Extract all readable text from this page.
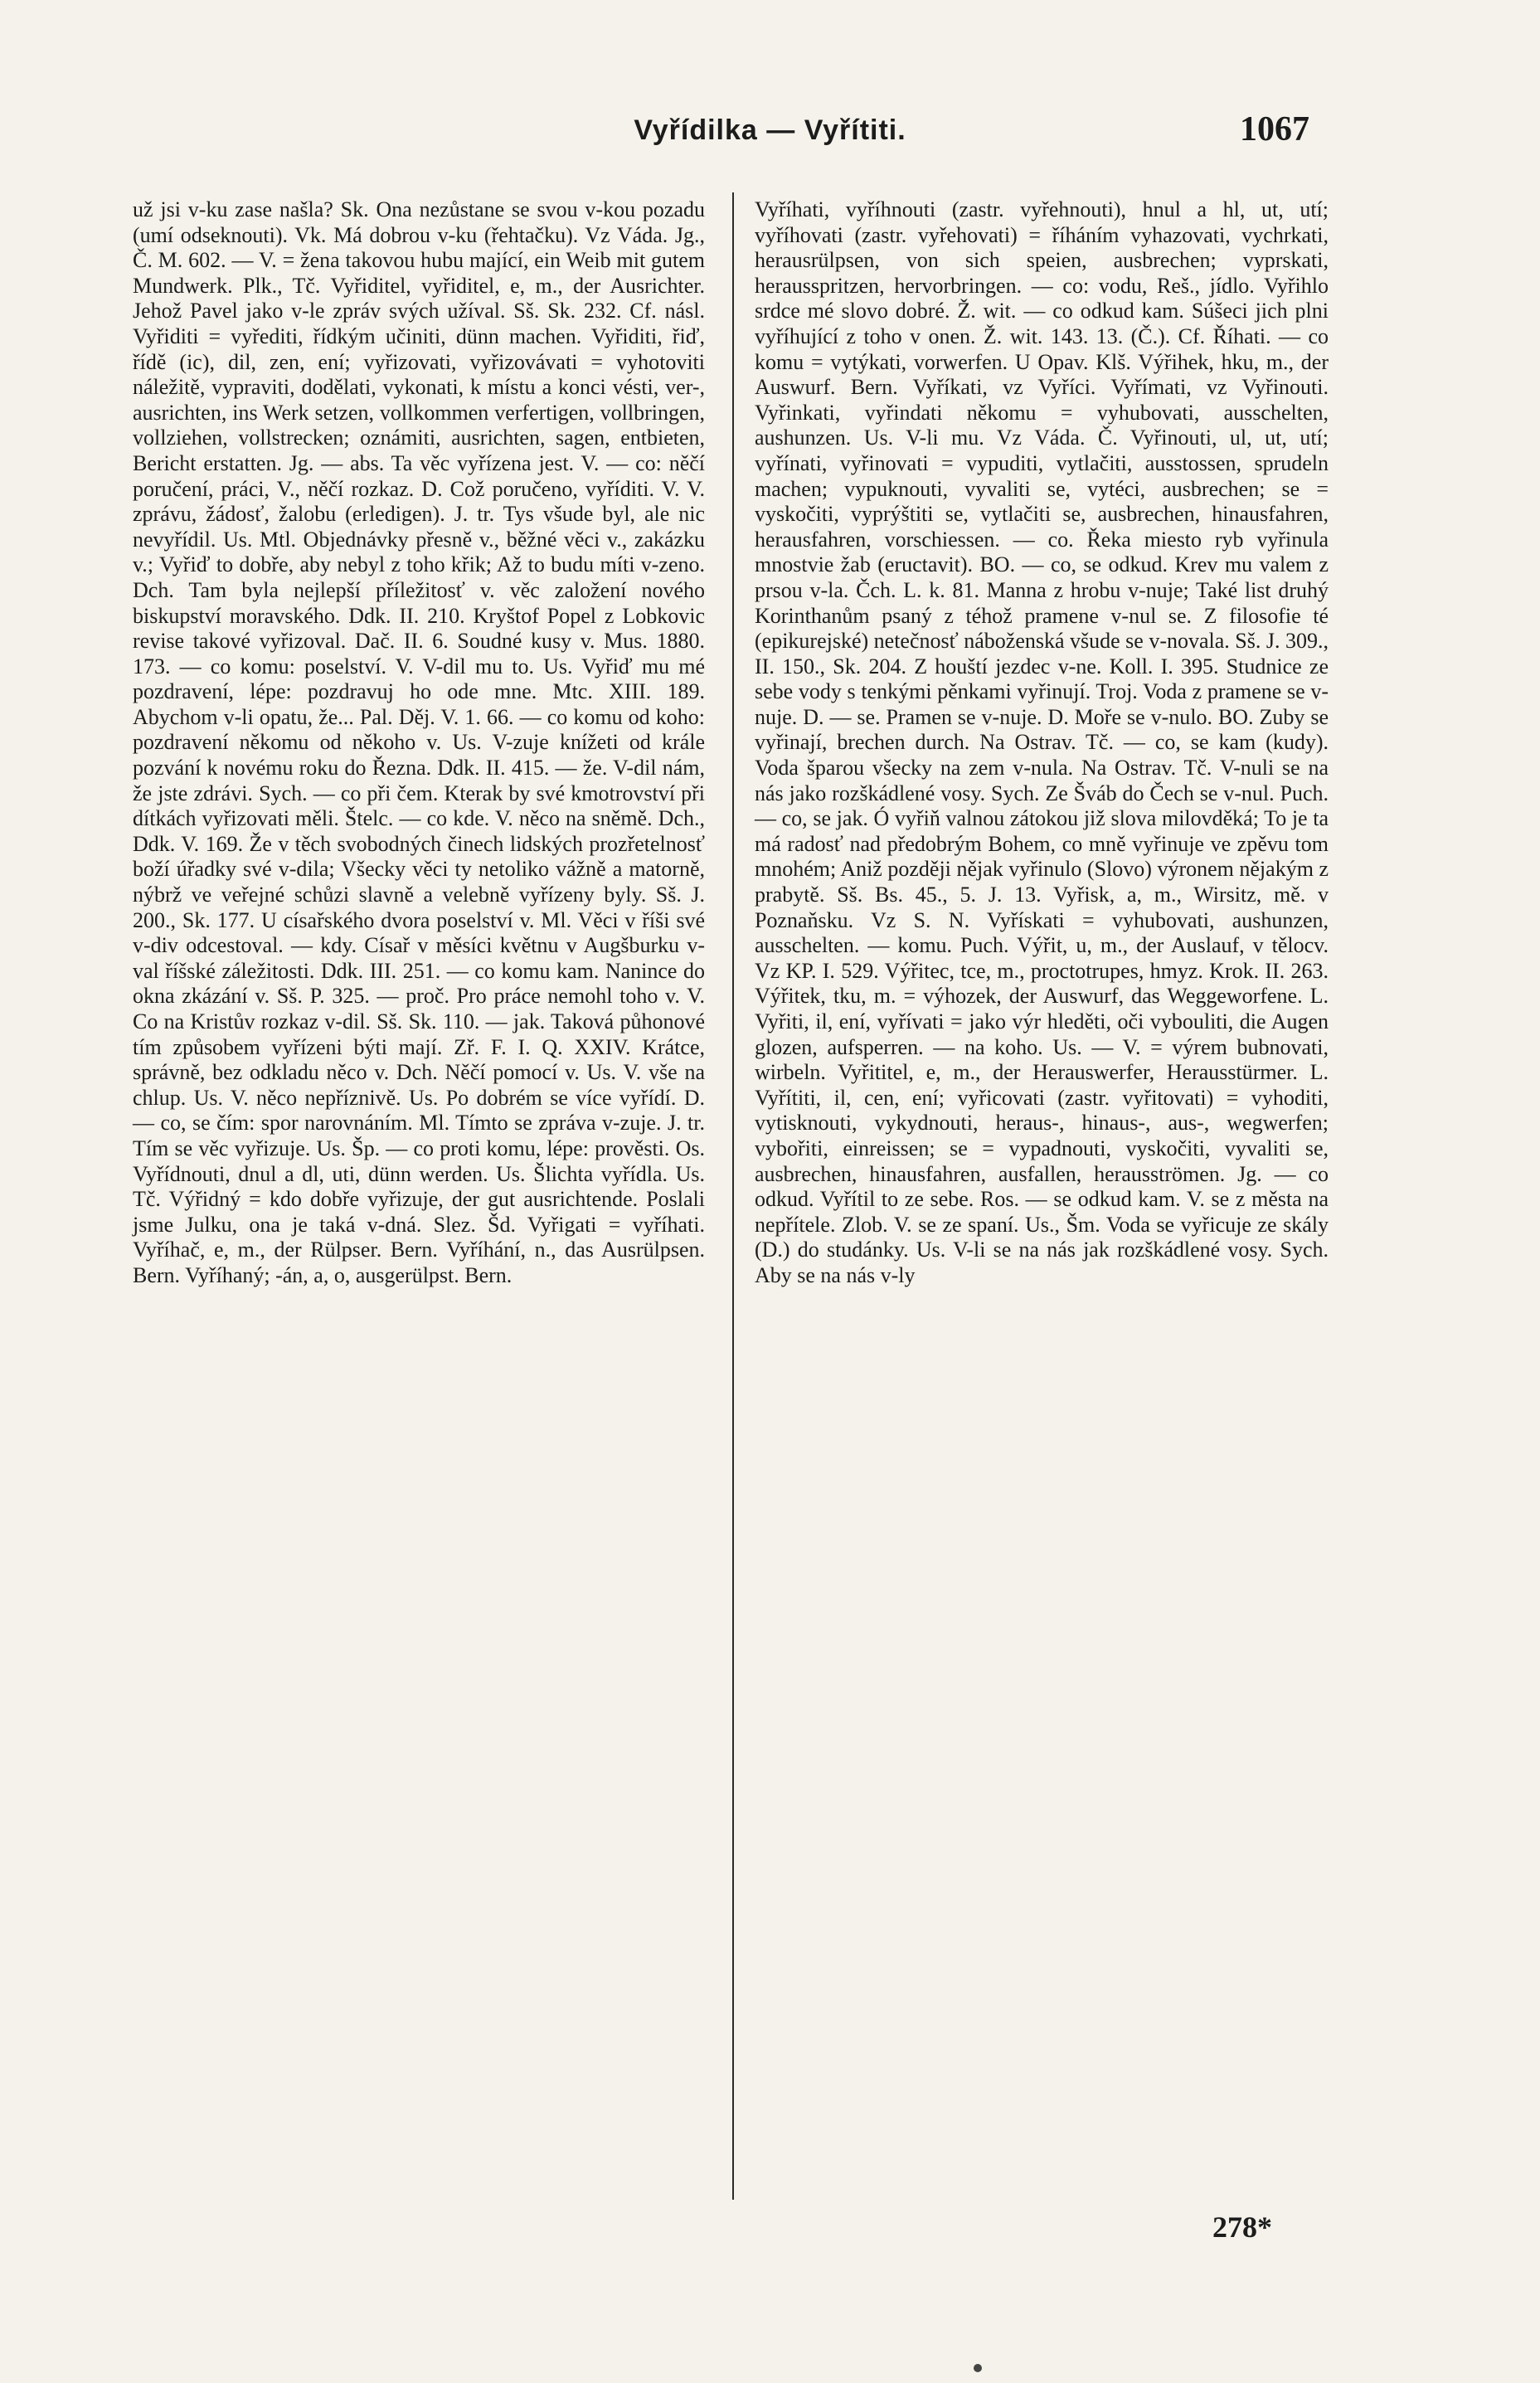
Vyřídilka — Vyřítiti.	1067

už jsi v-ku zase našla? Sk. Ona nezůstane se svou v-kou pozadu (umí odseknouti). Vk. Má dobrou v-ku (řehtačku). Vz Váda. Jg., Č. M. 602. — V. = žena takovou hubu mající, ein Weib mit gutem Mundwerk. Plk., Tč. Vyřiditel, vyřiditel, e, m., der Ausrichter. Jehož Pavel jako v-le zpráv svých užíval. Sš. Sk. 232. Cf. násl. Vyřiditi = vyřediti, řídkým učiniti, dünn machen. Vyřiditi, řiď, řídě (ic), dil, zen, ení; vyřizovati, vyřizovávati = vyhotoviti náležitě, vypraviti, dodělati, vykonati, k místu a konci vésti, ver-, ausrichten, ins Werk setzen, vollkommen verfertigen, vollbringen, vollziehen, vollstrecken; oznámiti, ausrichten, sagen, entbieten, Bericht erstatten. Jg. — abs. Ta věc vyřízena jest. V. — co: něčí poručení, práci, V., něčí rozkaz. D. Což poručeno, vyříditi. V. V. zprávu, žádosť, žalobu (erledigen). J. tr. Tys všude byl, ale nic nevyřídil. Us. Mtl. Objednávky přesně v., běžné věci v., zakázku v.; Vyřiď to dobře, aby nebyl z toho křik; Až to budu míti v-zeno. Dch. Tam byla nejlepší příležitosť v. věc založení nového biskupství moravského. Ddk. II. 210. Kryštof Popel z Lobkovic revise takové vyřizoval. Dač. II. 6. Soudné kusy v. Mus. 1880. 173. — co komu: poselství. V. V-dil mu to. Us. Vyřiď mu mé pozdravení, lépe: pozdravuj ho ode mne. Mtc. XIII. 189. Abychom v-li opatu, že... Pal. Děj. V. 1. 66. — co komu od koho: pozdravení někomu od někoho v. Us. V-zuje knížeti od krále pozvání k novému roku do Řezna. Ddk. II. 415. — že. V-dil nám, že jste zdrávi. Sych. — co při čem. Kterak by své kmotrovství při dítkách vyřizovati měli. Štelc. — co kde. V. něco na sněmě. Dch., Ddk. V. 169. Že v těch svobodných činech lidských prozřetelnosť boží úřadky své v-dila; Všecky věci ty netoliko vážně a matorně, nýbrž ve veřejné schůzi slavně a velebně vyřízeny byly. Sš. J. 200., Sk. 177. U císařského dvora poselství v. Ml. Věci v říši své v-div odcestoval. — kdy. Císař v měsíci květnu v Augšburku v-val říšské záležitosti. Ddk. III. 251. — co komu kam. Nanince do okna zkázání v. Sš. P. 325. — proč. Pro práce nemohl toho v. V. Co na Kristův rozkaz v-dil. Sš. Sk. 110. — jak. Taková půhonové tím způsobem vyřízeni býti mají. Zř. F. I. Q. XXIV. Krátce, správně, bez odkladu něco v. Dch. Něčí pomocí v. Us. V. vše na chlup. Us. V. něco nepříznivě. Us. Po dobrém se více vyřídí. D. — co, se čím: spor narovnáním. Ml. Tímto se zpráva v-zuje. J. tr. Tím se věc vyřizuje. Us. Šp. — co proti komu, lépe: prověsti. Os. Vyřídnouti, dnul a dl, uti, dünn werden. Us. Šlichta vyřídla. Us. Tč. Výřidný = kdo dobře vyřizuje, der gut ausrichtende. Poslali jsme Julku, ona je taká v-dná. Slez. Šd. Vyřigati = vyříhati. Vyříhač, e, m., der Rülpser. Bern. Vyříhání, n., das Ausrülpsen. Bern. Vyříhaný; -án, a, o, ausgerülpst. Bern.

Vyříhati, vyříhnouti (zastr. vyřehnouti), hnul a hl, ut, utí; vyříhovati (zastr. vyřehovati) = říháním vyhazovati, vychrkati, herausrülpsen, von sich speien, ausbrechen; vyprskati, herausspritzen, hervorbringen. — co: vodu, Reš., jídlo. Vyřihlo srdce mé slovo dobré. Ž. wit. — co odkud kam. Súšeci jich plni vyříhující z toho v onen. Ž. wit. 143. 13. (Č.). Cf. Říhati. — co komu = vytýkati, vorwerfen. U Opav. Klš. Výřihek, hku, m., der Auswurf. Bern. Vyříkati, vz Vyříci. Vyřímati, vz Vyřinouti. Vyřinkati, vyřindati někomu = vyhubovati, ausschelten, aushunzen. Us. V-li mu. Vz Váda. Č. Vyřinouti, ul, ut, utí; vyřínati, vyřinovati = vypuditi, vytlačiti, ausstossen, sprudeln machen; vypuknouti, vyvaliti se, vytéci, ausbrechen; se = vyskočiti, vyprýštiti se, vytlačiti se, ausbrechen, hinausfahren, herausfahren, vorschiessen. — co. Řeka miesto ryb vyřinula mnostvie žab (eructavit). BO. — co, se odkud. Krev mu valem z prsou v-la. Čch. L. k. 81. Manna z hrobu v-nuje; Také list druhý Korinthanům psaný z téhož pramene v-nul se. Z filosofie té (epikurejské) netečnosť náboženská všude se v-novala. Sš. J. 309., II. 150., Sk. 204. Z houští jezdec v-ne. Koll. I. 395. Studnice ze sebe vody s tenkými pěnkami vyřinují. Troj. Voda z pramene se v-nuje. D. — se. Pramen se v-nuje. D. Moře se v-nulo. BO. Zuby se vyřinají, brechen durch. Na Ostrav. Tč. — co, se kam (kudy). Voda šparou všecky na zem v-nula. Na Ostrav. Tč. V-nuli se na nás jako rozškádlené vosy. Sych. Ze Šváb do Čech se v-nul. Puch. — co, se jak. Ó vyřiň valnou zátokou již slova milovděká; To je ta má radosť nad předobrým Bohem, co mně vyřinuje ve zpěvu tom mnohém; Aniž později nějak vyřinulo (Slovo) výronem nějakým z prabytě. Sš. Bs. 45., 5. J. 13. Vyřisk, a, m., Wirsitz, mě. v Poznaňsku. Vz S. N. Vyřískati = vyhubovati, aushunzen, ausschelten. — komu. Puch. Výřit, u, m., der Auslauf, v tělocv. Vz KP. I. 529. Výřitec, tce, m., proctotrupes, hmyz. Krok. II. 263. Výřitek, tku, m. = výhozek, der Auswurf, das Weggeworfene. L. Vyřiti, il, ení, vyřívati = jako výr hleděti, oči vybouliti, die Augen glozen, aufsperren. — na koho. Us. — V. = výrem bubnovati, wirbeln. Vyřititel, e, m., der Herauswerfer, Herausstürmer. L. Vyřítiti, il, cen, ení; vyřicovati (zastr. vyřitovati) = vyhoditi, vytisknouti, vykydnouti, heraus-, hinaus-, aus-, wegwerfen; vybořiti, einreissen; se = vypadnouti, vyskočiti, vyvaliti se, ausbrechen, hinausfahren, ausfallen, herausströmen. Jg. — co odkud. Vyřítil to ze sebe. Ros. — se odkud kam. V. se z města na nepřítele. Zlob. V. se ze spaní. Us., Šm. Voda se vyřicuje ze skály (D.) do studánky. Us. V-li se na nás jak rozškádlené vosy. Sych. Aby se na nás v-ly

278*
